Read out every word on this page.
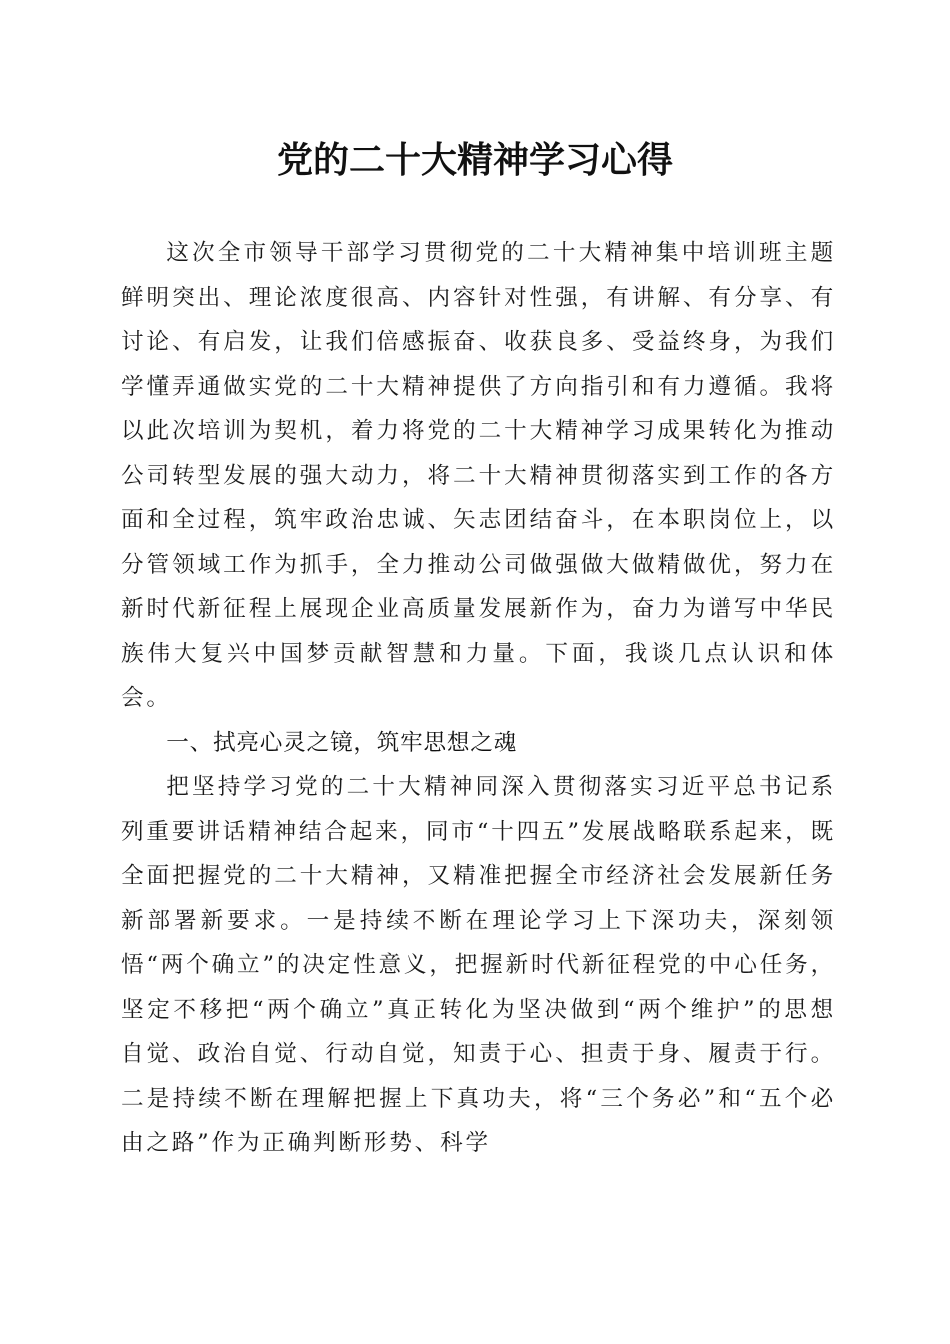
党的二十大精神学习心得

这次全市领导干部学习贯彻党的二十大精神集中培训班主题鲜明突出、理论浓度很高、内容针对性强，有讲解、有分享、有讨论、有启发，让我们倍感振奋、收获良多、受益终身，为我们学懂弄通做实党的二十大精神提供了方向指引和有力遵循。我将以此次培训为契机，着力将党的二十大精神学习成果转化为推动公司转型发展的强大动力，将二十大精神贯彻落实到工作的各方面和全过程，筑牢政治忠诚、矢志团结奋斗，在本职岗位上，以分管领域工作为抓手，全力推动公司做强做大做精做优，努力在新时代新征程上展现企业高质量发展新作为，奋力为谱写中华民族伟大复兴中国梦贡献智慧和力量。下面，我谈几点认识和体会。

一、拭亮心灵之镜，筑牢思想之魂

把坚持学习党的二十大精神同深入贯彻落实习近平总书记系列重要讲话精神结合起来，同市“十四五”发展战略联系起来，既全面把握党的二十大精神，又精准把握全市经济社会发展新任务新部署新要求。一是持续不断在理论学习上下深功夫，深刻领悟“两个确立”的决定性意义，把握新时代新征程党的中心任务，坚定不移把“两个确立”真正转化为坚决做到“两个维护”的思想自觉、政治自觉、行动自觉，知责于心、担责于身、履责于行。二是持续不断在理解把握上下真功夫，将“三个务必”和“五个必由之路”作为正确判断形势、科学
